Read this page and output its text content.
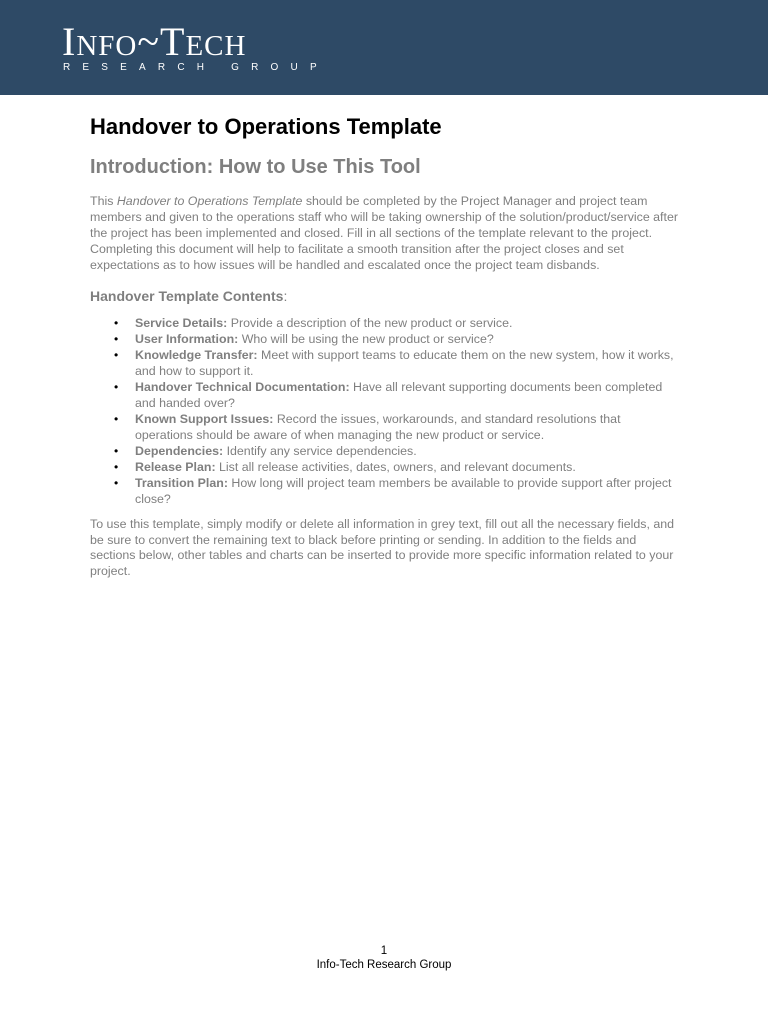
INFO~TECH
RESEARCH GROUP
Handover to Operations Template
Introduction: How to Use This Tool

This Handover to Operations Template should be completed by the Project Manager and project team members and given to the operations staff who will be taking ownership of the solution/product/service after the project has been implemented and closed. Fill in all sections of the template relevant to the project. Completing this document will help to facilitate a smooth transition after the project closes and set expectations as to how issues will be handled and escalated once the project team disbands.

Handover Template Contents:
• Service Details: Provide a description of the new product or service.
• User Information: Who will be using the new product or service?
• Knowledge Transfer: Meet with support teams to educate them on the new system, how it works, and how to support it.
• Handover Technical Documentation: Have all relevant supporting documents been completed and handed over?
• Known Support Issues: Record the issues, workarounds, and standard resolutions that operations should be aware of when managing the new product or service.
• Dependencies: Identify any service dependencies.
• Release Plan: List all release activities, dates, owners, and relevant documents.
• Transition Plan: How long will project team members be available to provide support after project close?

To use this template, simply modify or delete all information in grey text, fill out all the necessary fields, and be sure to convert the remaining text to black before printing or sending. In addition to the fields and sections below, other tables and charts can be inserted to provide more specific information related to your project.

1
Info-Tech Research Group
